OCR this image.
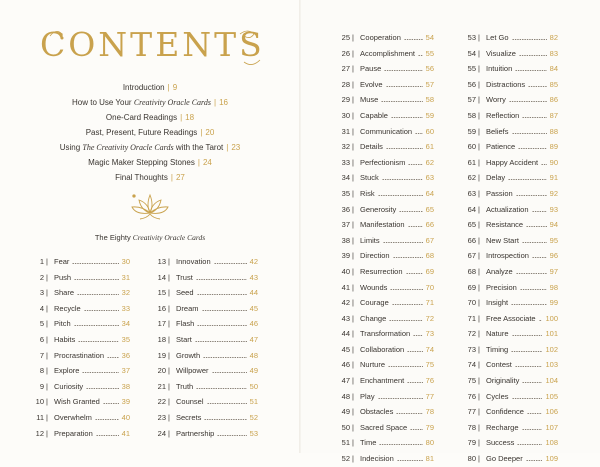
CONTENTS
Introduction | 9
How to Use Your Creativity Oracle Cards | 16
One-Card Readings | 18
Past, Present, Future Readings | 20
Using The Creativity Oracle Cards with the Tarot | 23
Magic Maker Stepping Stones | 24
Final Thoughts | 27
The Eighty Creativity Oracle Cards
1 | Fear	30
2 | Push	31
3 | Share	32
4 | Recycle	33
5 | Pitch	34
6 | Habits	35
7 | Procrastination 36
8 | Explore	37
9 | Curiosity	38
10 | Wish Granted	39
11 | Overwhelm	40
12 | Preparation	41
13 | Innovation	42
14 | Trust	43
15 | Seed	44
16 | Dream	45
17 | Flash	46
18 | Start	47
19 | Growth	48
20 | Willpower	49
21 | Truth	50
22 | Counsel	51
23 | Secrets	52
24 | Partnership	53
25 | Cooperation	54
26 | Accomplishment 55
27 | Pause	56
28 | Evolve	57
29 | Muse	58
30 | Capable	59
31 | Communication 60
32 | Details	61
33 | Perfectionism	62
34 | Stuck	63
35 | Risk	64
36 | Generosity	65
37 | Manifestation	66
38 | Limits	67
39 | Direction	68
40 | Resurrection	69
41 | Wounds	70
42 | Courage	71
43 | Change	72
44 | Transformation 73
45 | Collaboration	74
46 | Nurture	75
47 | Enchantment	76
48 | Play	77
49 | Obstacles	78
50 | Sacred Space 79
51 | Time	80
52 | Indecision	81
53 | Let Go	82
54 | Visualize	83
55 | Intuition	84
56 | Distractions	85
57 | Worry	86
58 | Reflection	87
59 | Beliefs	88
60 | Patience	89
61 | Happy Accident 90
62 | Delay	91
63 | Passion	92
64 | Actualization	93
65 | Resistance	94
66 | New Start	95
67 | Introspection	96
68 | Analyze	97
69 | Precision	98
70 | Insight	99
71 | Free Associate 100
72 | Nature	101
73 | Timing	102
74 | Contest	103
75 | Originality	104
76 | Cycles	105
77 | Confidence	106
78 | Recharge	107
79 | Success	108
80 | Go Deeper	109
